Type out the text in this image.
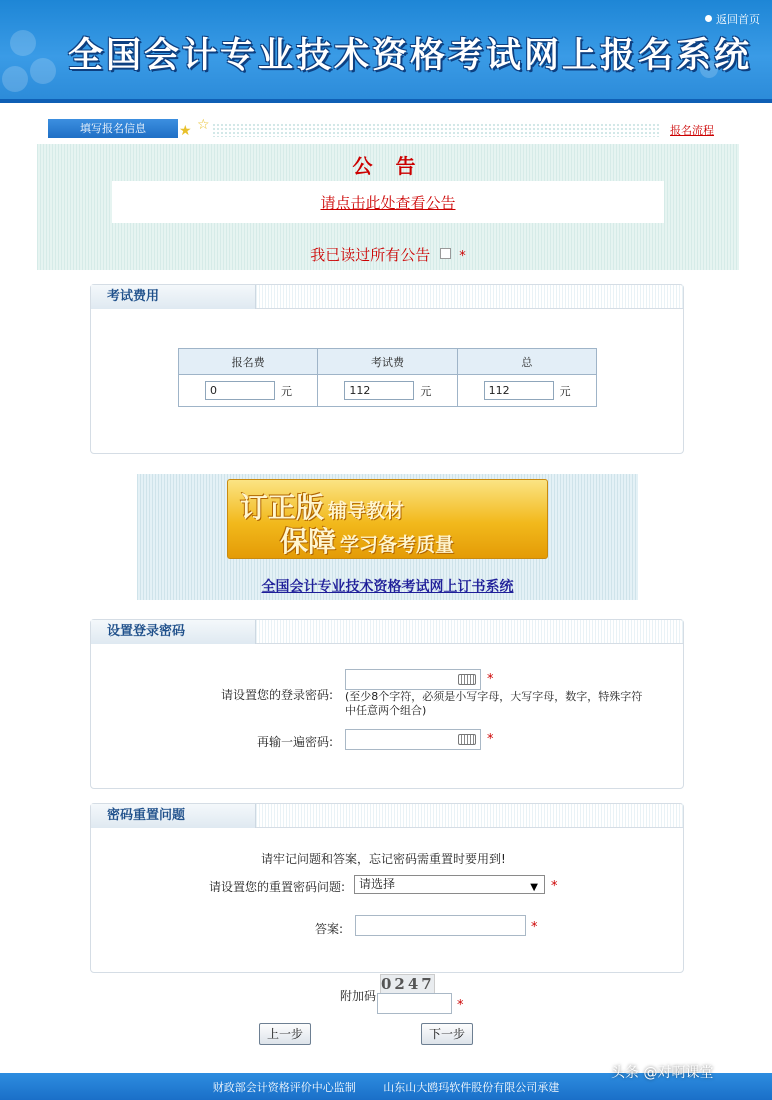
全国会计专业技术资格考试网上报名系统
返回首页
填写报名信息	★ ☆	报名流程
公 告
请点击此处查看公告
我已读过所有公告 *
考试费用
报名费	考试费	总
0 元	112 元	112 元
订正版 辅导教材
保障 学习备考质量
全国会计专业技术资格考试网上订书系统
设置登录密码
请设置您的登录密码:
*
(至少8个字符，必须是小写字母，大写字母，数字，特殊字符中任意两个组合)
再输一遍密码:	*
密码重置问题
请牢记问题和答案，忘记密码需重置时要用到!
请设置您的重置密码问题:	请选择	▼ *
答案:	*
附加码
0247
*
上一步	下一步
财政部会计资格评价中心监制	山东山大鸥玛软件股份有限公司承建
头条 @对啊课堂
